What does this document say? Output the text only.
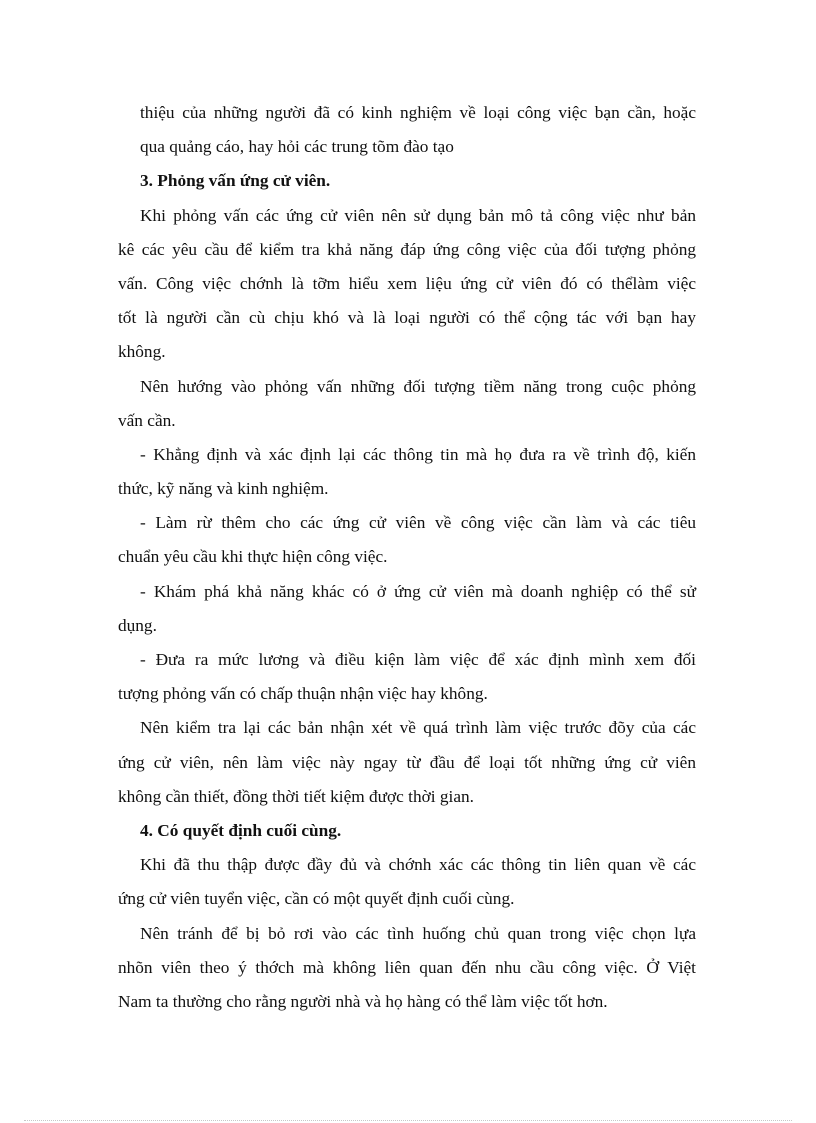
thiệu của những người đã có kinh nghiệm về loại công việc bạn cần, hoặc
qua quảng cáo, hay hỏi các trung tõm đào tạo
3. Phỏng vấn ứng cử viên.
Khi phỏng vấn các ứng cử viên nên sử dụng bản mô tả công việc như bản
kê các yêu cầu để kiểm tra khả năng đáp ứng công việc của đối tượng phỏng
vấn. Công việc chớnh là tỡm hiểu xem liệu ứng cử viên đó có thểlàm việc
tốt là người cần cù chịu khó và là loại người có thể cộng tác với bạn hay
không.
Nên hướng vào phỏng vấn những đối tượng tiềm năng trong cuộc phỏng
vấn cần.
- Khẳng định và xác định lại các thông tin mà họ đưa ra về trình độ, kiến
thức, kỹ năng và kinh nghiệm.
- Làm rừ thêm cho các ứng cử viên về công việc cần làm và các tiêu
chuẩn yêu cầu khi thực hiện công việc.
- Khám phá khả năng khác có ở ứng cử viên mà doanh nghiệp có thể sử
dụng.
- Đưa ra mức lương và điều kiện làm việc để xác định mình xem đối
tượng phỏng vấn có chấp thuận nhận việc hay không.
Nên kiểm tra lại các bản nhận xét về quá trình làm việc trước đõy của các
ứng cử viên, nên làm việc này ngay từ đầu để loại tốt những ứng cử viên
không cần thiết, đồng thời tiết kiệm được thời gian.
4. Có quyết định cuối cùng.
Khi đã thu thập được đầy đủ và chớnh xác các thông tin liên quan về các
ứng cử viên tuyển việc, cần có một quyết định cuối cùng.
Nên tránh để bị bỏ rơi vào các tình huống chủ quan trong việc chọn lựa
nhõn viên theo ý thớch mà không liên quan đến nhu cầu công việc. Ở Việt
Nam ta thường cho rằng người nhà và họ hàng có thể làm việc tốt hơn.
